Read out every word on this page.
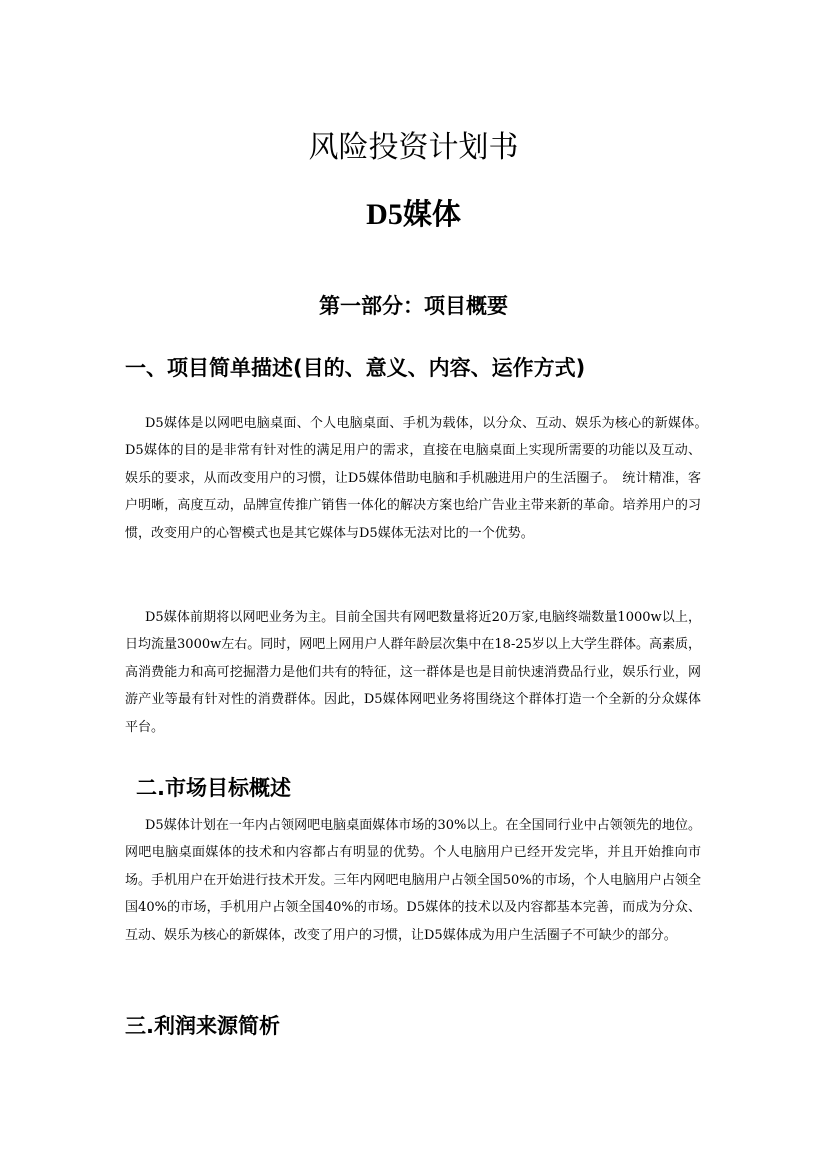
风险投资计划书
D5媒体
第一部分：项目概要
一、项目简单描述(目的、意义、内容、运作方式)

D5媒体是以网吧电脑桌面、个人电脑桌面、手机为载体，以分众、互动、娱乐为核心的新媒体。　D5媒体的目的是非常有针对性的满足用户的需求，直接在电脑桌面上实现所需要的功能以及互动、娱乐的要求，从而改变用户的习惯，让D5媒体借助电脑和手机融进用户的生活圈子。　统计精准，客户明晰，高度互动，品牌宣传推广销售一体化的解决方案也给广告业主带来新的革命。培养用户的习惯，改变用户的心智模式也是其它媒体与D5媒体无法对比的一个优势。

D5媒体前期将以网吧业务为主。目前全国共有网吧数量将近20万家,电脑终端数量1000w以上，日均流量3000w左右。同时，网吧上网用户人群年龄层次集中在18-25岁以上大学生群体。高素质，高消费能力和高可挖掘潜力是他们共有的特征，这一群体是也是目前快速消费品行业，娱乐行业，网游产业等最有针对性的消费群体。因此，D5媒体网吧业务将围绕这个群体打造一个全新的分众媒体平台。

二.市场目标概述

D5媒体计划在一年内占领网吧电脑桌面媒体市场的30%以上。在全国同行业中占领领先的地位。网吧电脑桌面媒体的技术和内容都占有明显的优势。个人电脑用户已经开发完毕，并且开始推向市场。手机用户在开始进行技术开发。三年内网吧电脑用户占领全国50%的市场，个人电脑用户占领全国40%的市场，手机用户占领全国40%的市场。D5媒体的技术以及内容都基本完善，而成为分众、互动、娱乐为核心的新媒体，改变了用户的习惯，让D5媒体成为用户生活圈子不可缺少的部分。

三.利润来源简析
